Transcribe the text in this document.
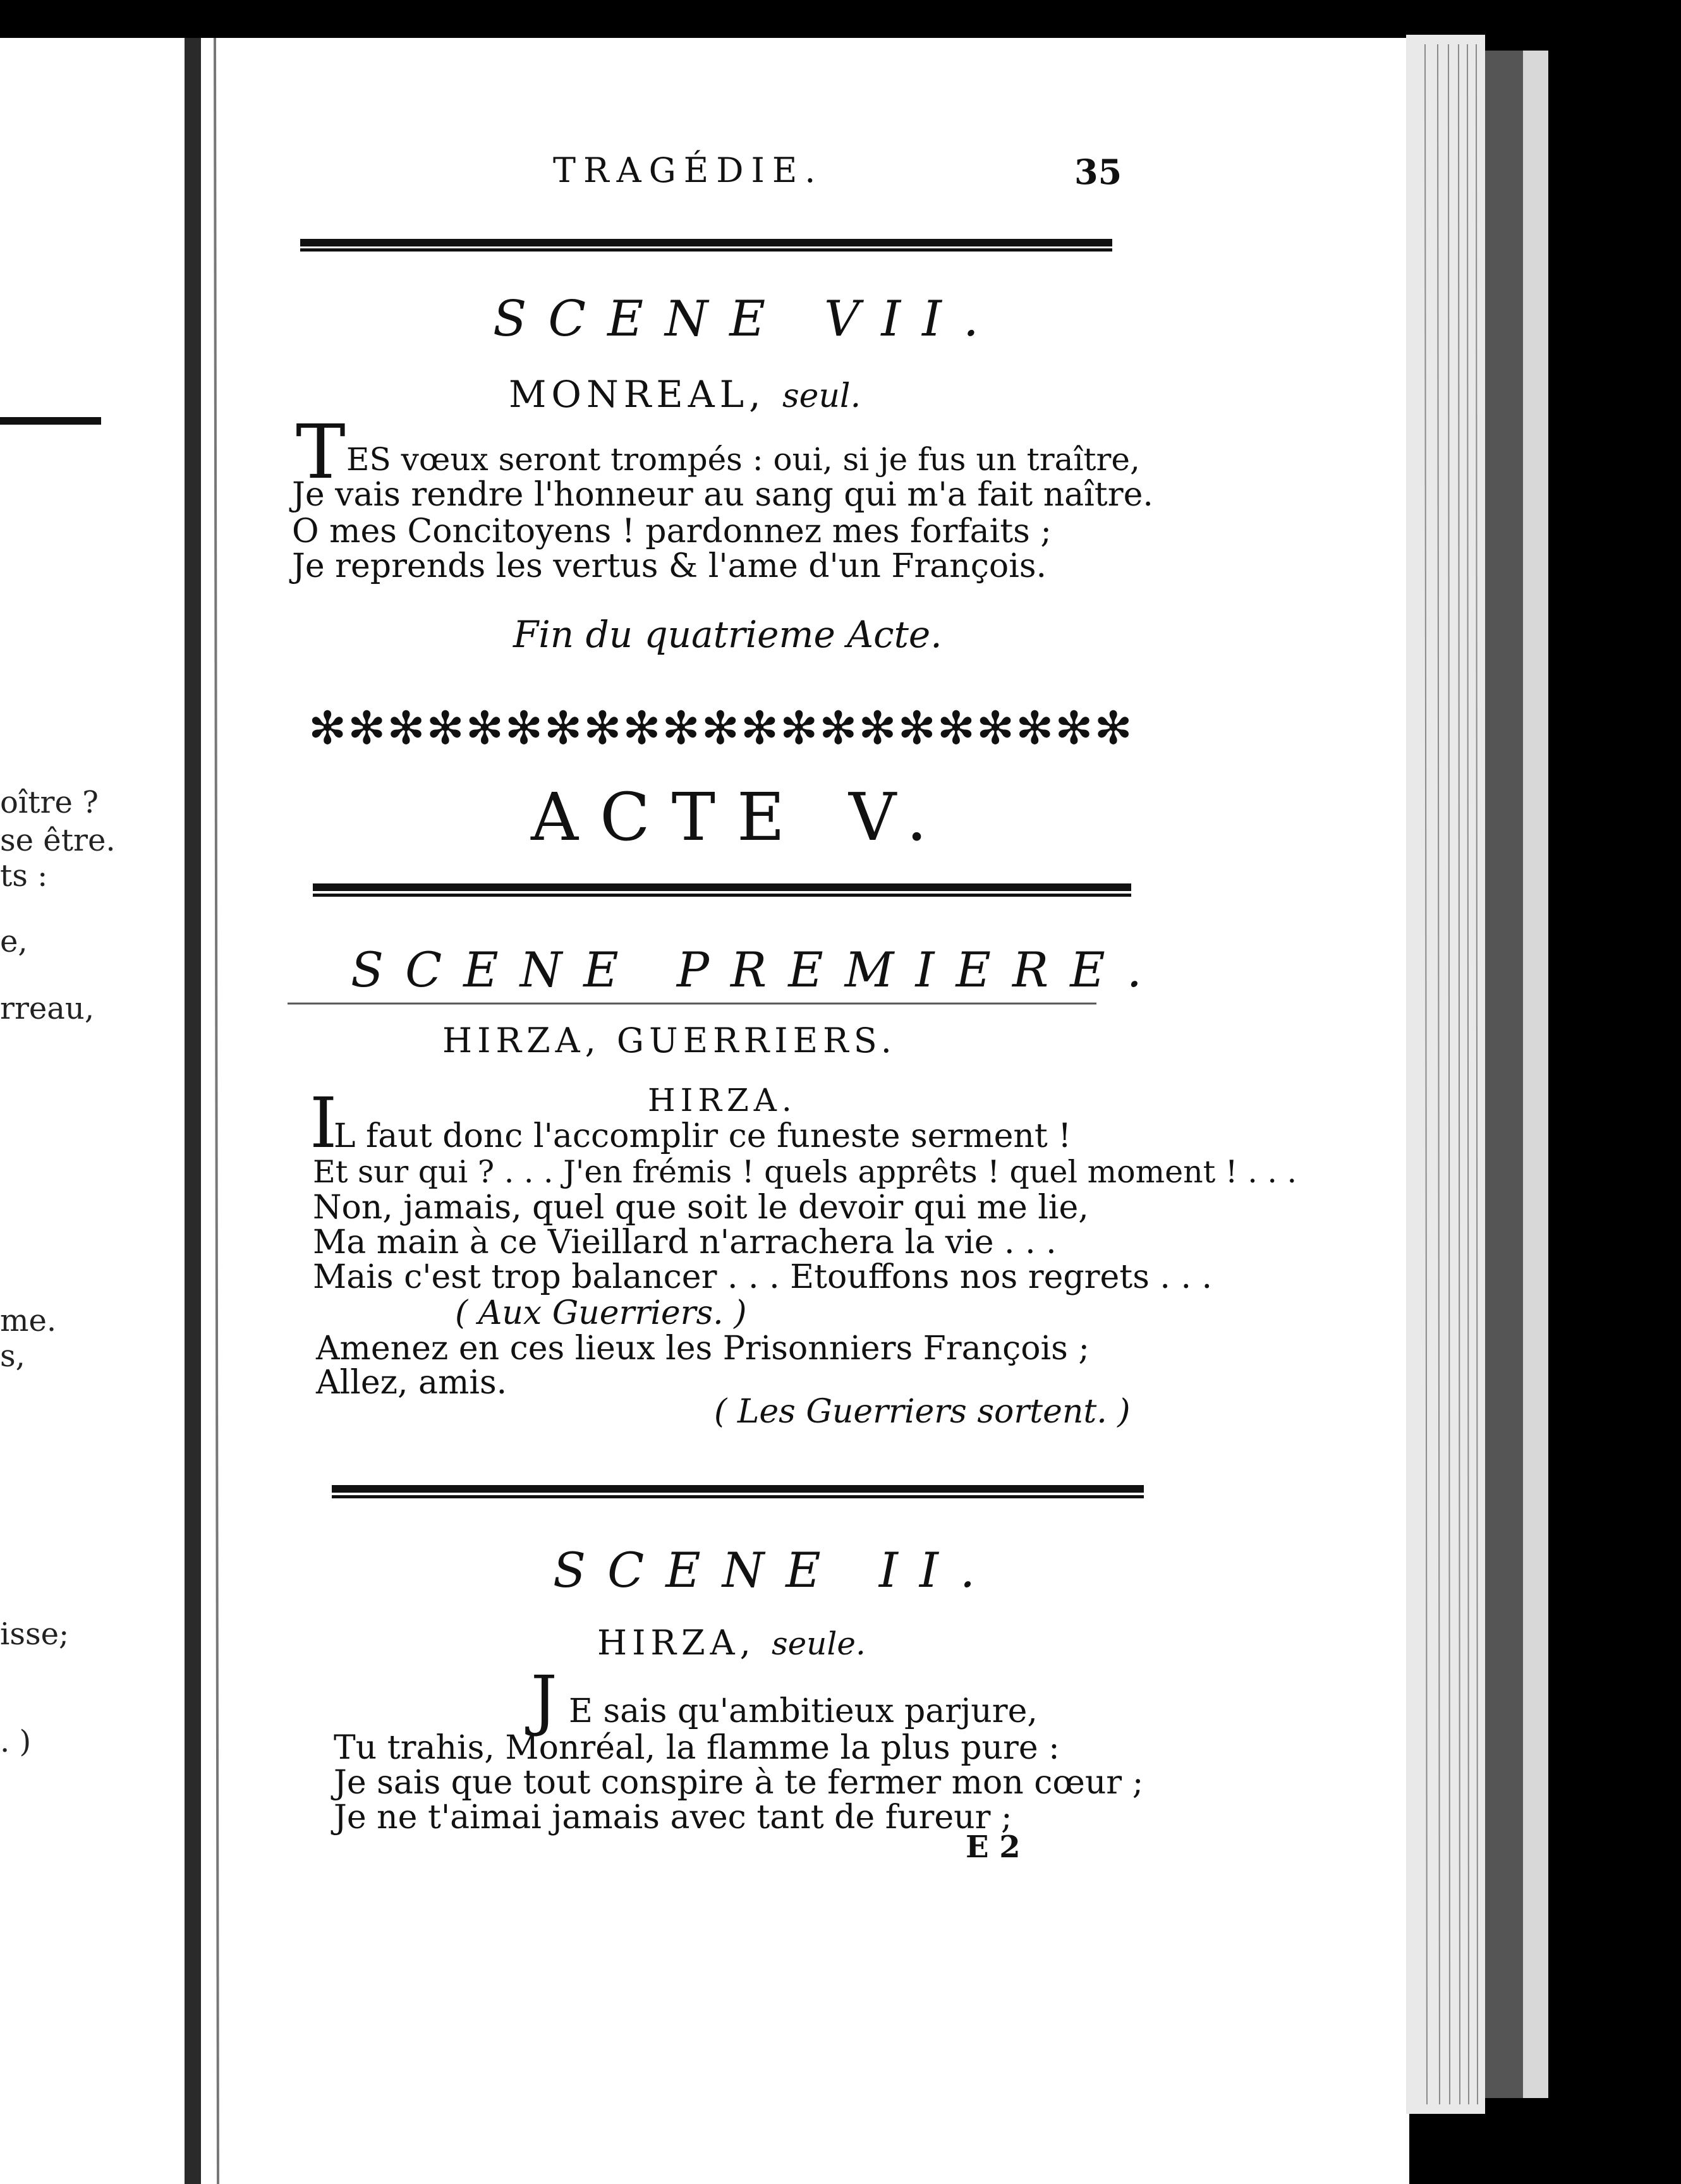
oître ?
se être.
ts :
e,
rreau,
me.
s,
isse;
. )

TRAGÉDIE.	35

SCENE VII.

MONREAL, seul.

T ES vœux seront trompés : oui, si je fus un traître,

Je vais rendre l'honneur au sang qui m'a fait naître.

O mes Concitoyens ! pardonnez mes forfaits ;

Je reprends les vertus & l'ame d'un François.

Fin du quatrieme Acte.

✻ ✻ ✻ ✻ ✻ ✻ ✻ ✻ ✻ ✻ ✻ ✻ ✻ ✻ ✻ ✻ ✻ ✻ ✻ ✻ ✻

ACTE V.

SCENE PREMIERE.

HIRZA, GUERRIERS.

HIRZA.

I

L faut donc l'accomplir ce funeste serment !

Et sur qui ? . . . J'en frémis ! quels apprêts ! quel moment ! . . .

Non, jamais, quel que soit le devoir qui me lie,

Ma main à ce Vieillard n'arrachera la vie . . .

Mais c'est trop balancer . . . Etouffons nos regrets . . .

( Aux Guerriers. )

Amenez en ces lieux les Prisonniers François ;

Allez, amis.

( Les Guerriers sortent. )

SCENE II.

HIRZA, seule.

J E sais qu'ambitieux parjure,

Tu trahis, Monréal, la flamme la plus pure :

Je sais que tout conspire à te fermer mon cœur ;

Je ne t'aimai jamais avec tant de fureur ;

E 2
